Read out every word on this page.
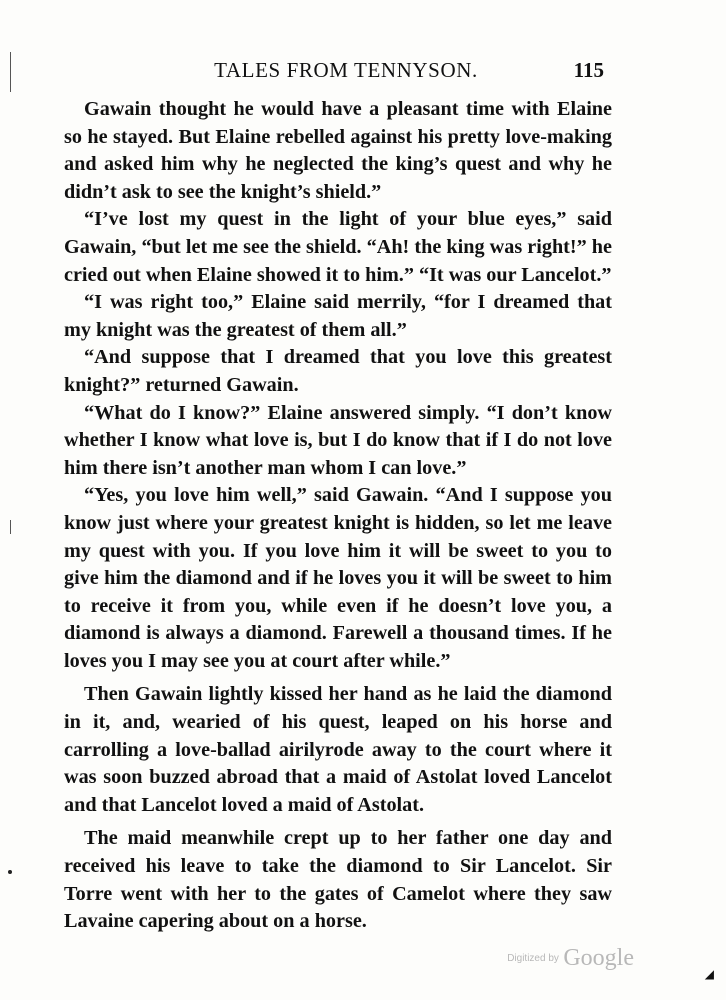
TALES FROM TENNYSON.	115

Gawain thought he would have a pleasant time with Elaine so he stayed. But Elaine rebelled against his pretty love-making and asked him why he neglected the king’s quest and why he didn’t ask to see the knight’s shield.”

“I’ve lost my quest in the light of your blue eyes,” said Gawain, “but let me see the shield. “Ah! the king was right!” he cried out when Elaine showed it to him.” “It was our Lancelot.”

“I was right too,” Elaine said merrily, “for I dreamed that my knight was the greatest of them all.”

“And suppose that I dreamed that you love this greatest knight?” returned Gawain.

“What do I know?” Elaine answered simply. “I don’t know whether I know what love is, but I do know that if I do not love him there isn’t another man whom I can love.”

“Yes, you love him well,” said Gawain. “And I suppose you know just where your greatest knight is hidden, so let me leave my quest with you. If you love him it will be sweet to you to give him the diamond and if he loves you it will be sweet to him to receive it from you, while even if he doesn’t love you, a diamond is always a diamond. Farewell a thousand times. If he loves you I may see you at court after while.”

Then Gawain lightly kissed her hand as he laid the diamond in it, and, wearied of his quest, leaped on his horse and carrolling a love-ballad airilyrode away to the court where it was soon buzzed abroad that a maid of Astolat loved Lancelot and that Lancelot loved a maid of Astolat.

The maid meanwhile crept up to her father one day and received his leave to take the diamond to Sir Lancelot. Sir Torre went with her to the gates of Camelot where they saw Lavaine capering about on a horse.

Digitized by Google
◢
